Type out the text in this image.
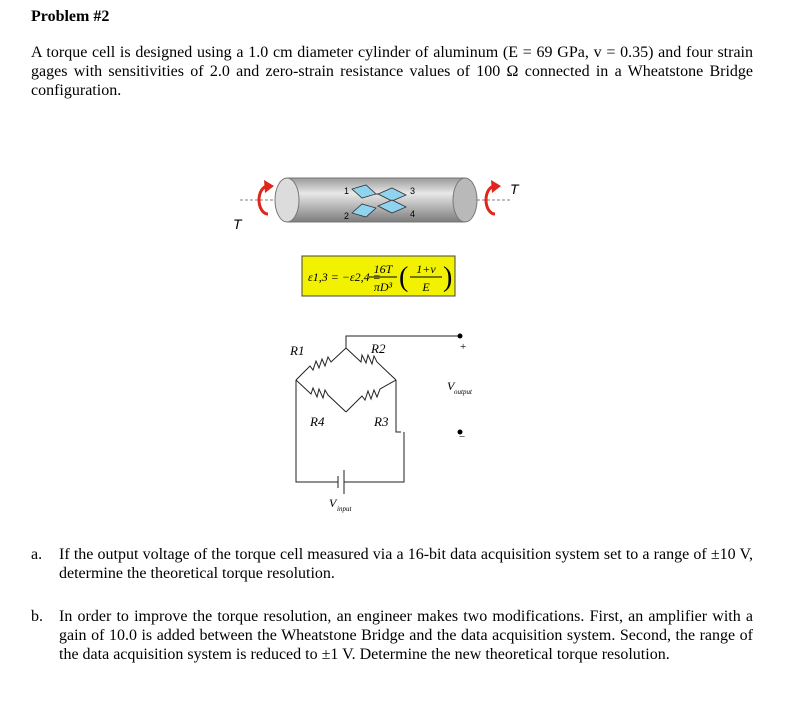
Problem #2
A torque cell is designed using a 1.0 cm diameter cylinder of aluminum (E = 69 GPa, v = 0.35) and four strain gages with sensitivities of 2.0 and zero-strain resistance values of 100 Ω connected in a Wheatstone Bridge configuration.
1
2
3
4
T
T
ε1,3 = −ε2,4 =
16T
πD³ ( 1+v
E )
R1	R2
R3
R4
+
−
V output
V input
a.	If the output voltage of the torque cell measured via a 16-bit data acquisition system set to a range of ±10 V, determine the theoretical torque resolution.
b.	In order to improve the torque resolution, an engineer makes two modifications. First, an amplifier with a gain of 10.0 is added between the Wheatstone Bridge and the data acquisition system. Second, the range of the data acquisition system is reduced to ±1 V. Determine the new theoretical torque resolution.
